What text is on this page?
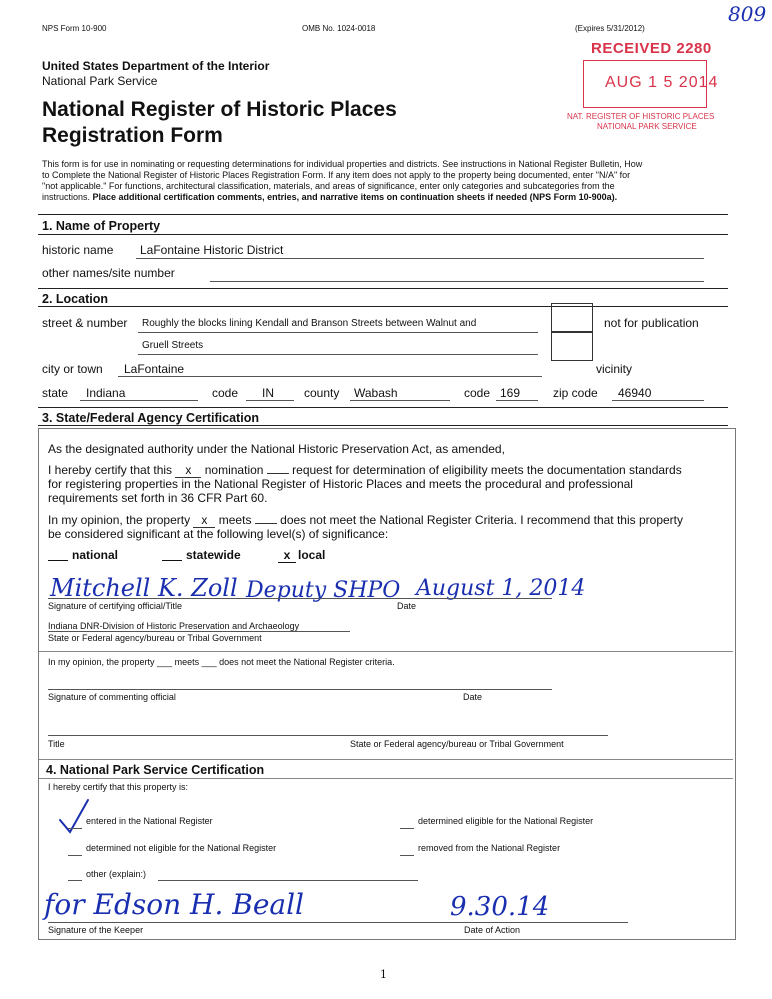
NPS Form 10-900	OMB No. 1024-0018	(Expires 5/31/2012)
809
United States Department of the Interior
National Park Service
National Register of Historic Places
Registration Form
RECEIVED 2280
AUG 1 5 2014
NAT. REGISTER OF HISTORIC PLACES
NATIONAL PARK SERVICE
This form is for use in nominating or requesting determinations for individual properties and districts. See instructions in National Register Bulletin, How
to Complete the National Register of Historic Places Registration Form. If any item does not apply to the property being documented, enter "N/A" for
"not applicable." For functions, architectural classification, materials, and areas of significance, enter only categories and subcategories from the
instructions. Place additional certification comments, entries, and narrative items on continuation sheets if needed (NPS Form 10-900a).
1. Name of Property
historic name LaFontaine Historic District
other names/site number
2. Location
street & number Roughly the blocks lining Kendall and Branson Streets between Walnut and
Gruell Streets
not for publication
city or town LaFontaine	vicinity
state Indiana	code IN	county Wabash	code 169	zip code 46940
3. State/Federal Agency Certification
As the designated authority under the National Historic Preservation Act, as amended,
I hereby certify that this x nomination request for determination of eligibility meets the documentation standards
for registering properties in the National Register of Historic Places and meets the procedural and professional
requirements set forth in 36 CFR Part 60.
In my opinion, the property x meets does not meet the National Register Criteria. I recommend that this property
be considered significant at the following level(s) of significance:
national	statewide	x local
Mitchell K. Zoll Deputy SHPO August 1, 2014
Signature of certifying official/Title	Date
Indiana DNR-Division of Historic Preservation and Archaeology
State or Federal agency/bureau or Tribal Government
In my opinion, the property ___ meets ___ does not meet the National Register criteria.
Signature of commenting official	Date
Title	State or Federal agency/bureau or Tribal Government
4. National Park Service Certification
I hereby certify that this property is:
entered in the National Register	determined eligible for the National Register
determined not eligible for the National Register	removed from the National Register
other (explain:)
for Edson H. Beall	9.30.14
Signature of the Keeper	Date of Action
1
